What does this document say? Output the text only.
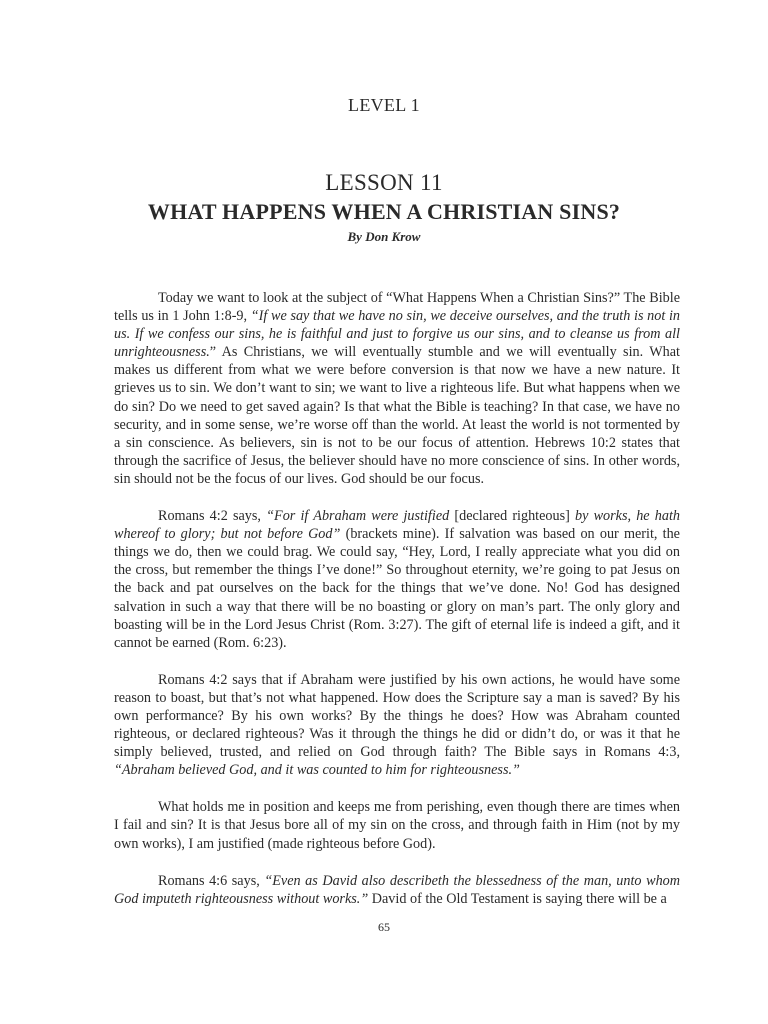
LEVEL 1
LESSON 11
WHAT HAPPENS WHEN A CHRISTIAN SINS?
By Don Krow

Today we want to look at the subject of “What Happens When a Christian Sins?” The Bible tells us in 1 John 1:8-9, “If we say that we have no sin, we deceive ourselves, and the truth is not in us. If we confess our sins, he is faithful and just to forgive us our sins, and to cleanse us from all unrighteousness.” As Christians, we will eventually stumble and we will eventually sin. What makes us different from what we were before conversion is that now we have a new nature. It grieves us to sin. We don’t want to sin; we want to live a righteous life. But what happens when we do sin? Do we need to get saved again? Is that what the Bible is teaching? In that case, we have no security, and in some sense, we’re worse off than the world. At least the world is not tormented by a sin conscience. As believers, sin is not to be our focus of attention. Hebrews 10:2 states that through the sacrifice of Jesus, the believer should have no more conscience of sins. In other words, sin should not be the focus of our lives. God should be our focus.

Romans 4:2 says, “For if Abraham were justified [declared righteous] by works, he hath whereof to glory; but not before God” (brackets mine). If salvation was based on our merit, the things we do, then we could brag. We could say, “Hey, Lord, I really appreciate what you did on the cross, but remember the things I’ve done!” So throughout eternity, we’re going to pat Jesus on the back and pat ourselves on the back for the things that we’ve done. No! God has designed salvation in such a way that there will be no boasting or glory on man’s part. The only glory and boasting will be in the Lord Jesus Christ (Rom. 3:27). The gift of eternal life is indeed a gift, and it cannot be earned (Rom. 6:23).

Romans 4:2 says that if Abraham were justified by his own actions, he would have some reason to boast, but that’s not what happened. How does the Scripture say a man is saved? By his own performance? By his own works? By the things he does? How was Abraham counted righteous, or declared righteous? Was it through the things he did or didn’t do, or was it that he simply believed, trusted, and relied on God through faith? The Bible says in Romans 4:3, “Abraham believed God, and it was counted to him for righteousness.”

What holds me in position and keeps me from perishing, even though there are times when I fail and sin? It is that Jesus bore all of my sin on the cross, and through faith in Him (not by my own works), I am justified (made righteous before God).

Romans 4:6 says, “Even as David also describeth the blessedness of the man, unto whom God imputeth righteousness without works.” David of the Old Testament is saying there will be a

65
